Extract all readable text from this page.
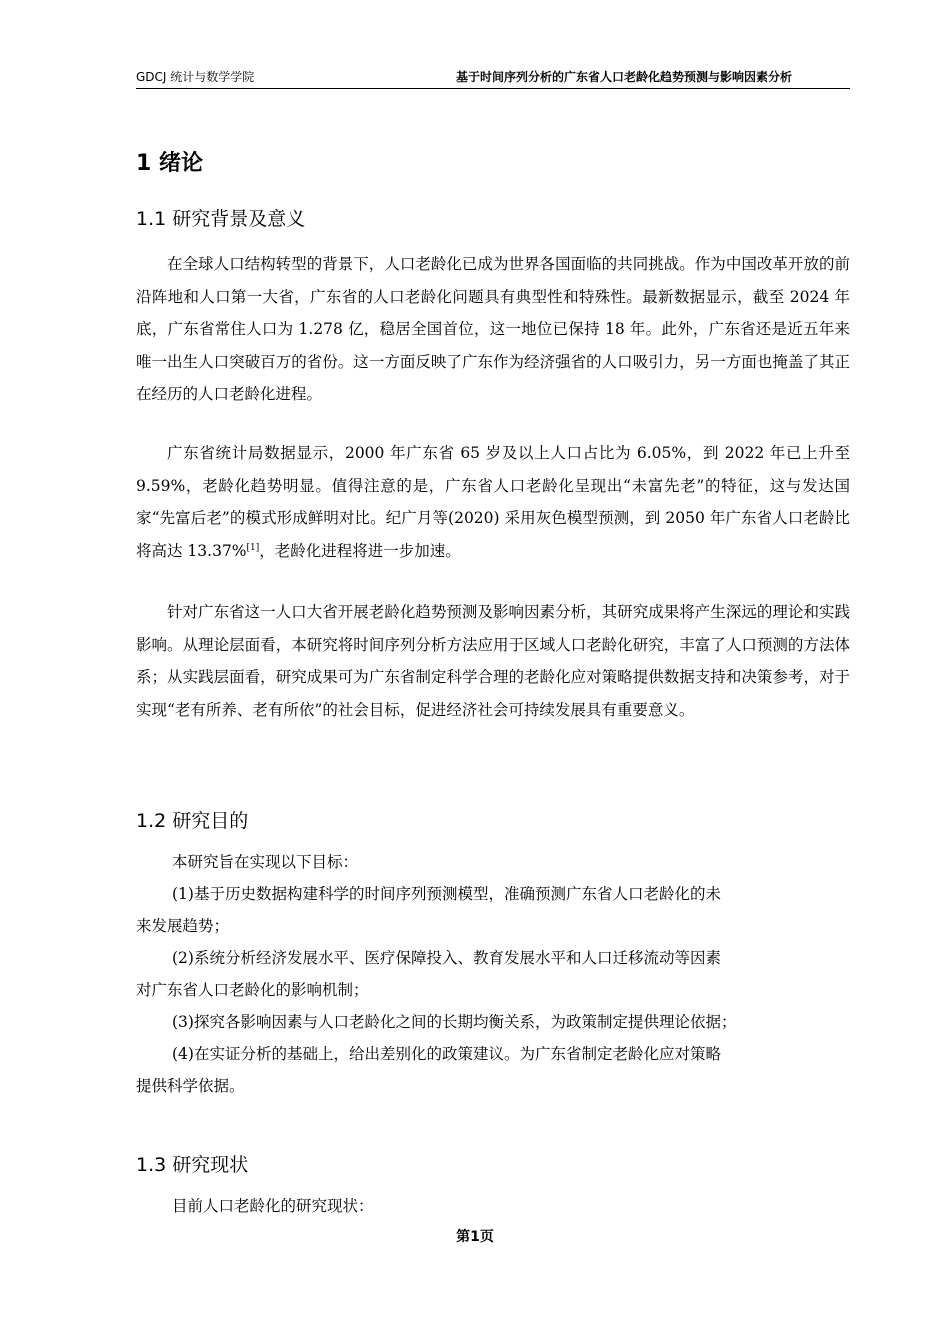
GDCJ 统计与数学学院	基于时间序列分析的广东省人口老龄化趋势预测与影响因素分析
1 绪论
1.1 研究背景及意义
在全球人口结构转型的背景下，人口老龄化已成为世界各国面临的共同挑战。作为中国改革开放的前沿阵地和人口第一大省，广东省的人口老龄化问题具有典型性和特殊性。最新数据显示，截至 2024 年底，广东省常住人口为 1.278 亿，稳居全国首位，这一地位已保持 18 年。此外，广东省还是近五年来唯一出生人口突破百万的省份。这一方面反映了广东作为经济强省的人口吸引力，另一方面也掩盖了其正在经历的人口老龄化进程。
广东省统计局数据显示，2000 年广东省 65 岁及以上人口占比为 6.05%，到 2022 年已上升至 9.59%，老龄化趋势明显。值得注意的是，广东省人口老龄化呈现出“未富先老”的特征，这与发达国家“先富后老”的模式形成鲜明对比。纪广月等(2020) 采用灰色模型预测，到 2050 年广东省人口老龄比将高达 13.37%[1]，老龄化进程将进一步加速。
针对广东省这一人口大省开展老龄化趋势预测及影响因素分析，其研究成果将产生深远的理论和实践影响。从理论层面看，本研究将时间序列分析方法应用于区域人口老龄化研究，丰富了人口预测的方法体系；从实践层面看，研究成果可为广东省制定科学合理的老龄化应对策略提供数据支持和决策参考，对于实现“老有所养、老有所依”的社会目标，促进经济社会可持续发展具有重要意义。
1.2 研究目的
本研究旨在实现以下目标：
(1)基于历史数据构建科学的时间序列预测模型，准确预测广东省人口老龄化的未
来发展趋势；
(2)系统分析经济发展水平、医疗保障投入、教育发展水平和人口迁移流动等因素
对广东省人口老龄化的影响机制；
(3)探究各影响因素与人口老龄化之间的长期均衡关系，为政策制定提供理论依据；
(4)在实证分析的基础上，给出差别化的政策建议。为广东省制定老龄化应对策略
提供科学依据。
1.3 研究现状
目前人口老龄化的研究现状：
第1页
